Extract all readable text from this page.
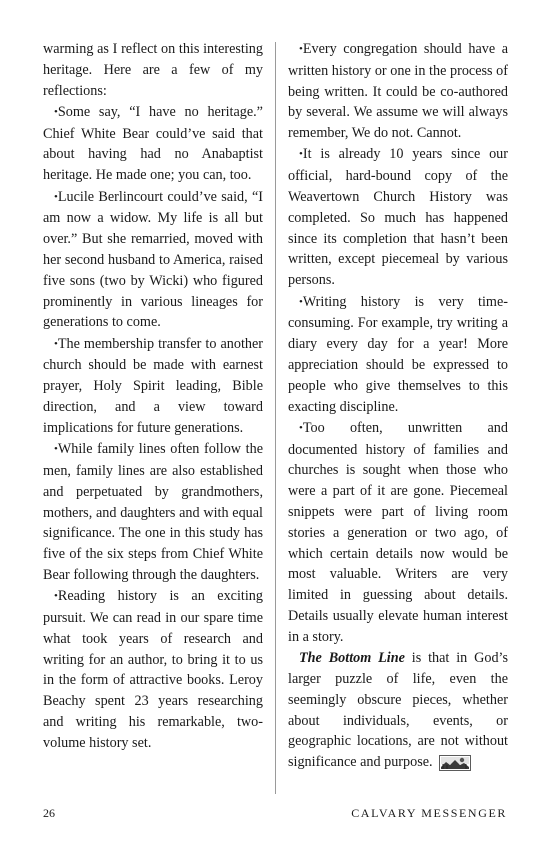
warming as I reflect on this interesting heritage. Here are a few of my reflections:

•Some say, “I have no heritage.” Chief White Bear could’ve said that about having had no Anabaptist heritage. He made one; you can, too.

•Lucile Berlincourt could’ve said, “I am now a widow. My life is all but over.” But she remarried, moved with her second husband to America, raised five sons (two by Wicki) who figured prominently in various lineages for generations to come.

•The membership transfer to another church should be made with earnest prayer, Holy Spirit leading, Bible direction, and a view toward implications for future generations.

•While family lines often follow the men, family lines are also established and perpetuated by grandmothers, mothers, and daughters and with equal significance. The one in this study has five of the six steps from Chief White Bear following through the daughters.

•Reading history is an exciting pursuit. We can read in our spare time what took years of research and writing for an author, to bring it to us in the form of attractive books. Leroy Beachy spent 23 years researching and writing his remarkable, two-volume history set.

•Every congregation should have a written history or one in the process of being written. It could be co-authored by several. We assume we will always remember, We do not. Cannot.

•It is already 10 years since our official, hard-bound copy of the Weavertown Church History was completed. So much has happened since its completion that hasn’t been written, except piecemeal by various persons.

•Writing history is very time-consuming. For example, try writing a diary every day for a year! More appreciation should be expressed to people who give themselves to this exacting discipline.

•Too often, unwritten and documented history of families and churches is sought when those who were a part of it are gone. Piecemeal snippets were part of living room stories a generation or two ago, of which certain details now would be most valuable. Writers are very limited in guessing about details. Details usually elevate human interest in a story.

The Bottom Line is that in God’s larger puzzle of life, even the seemingly obscure pieces, whether about individuals, events, or geographic locations, are not without significance and purpose.

26	CALVARY MESSENGER
